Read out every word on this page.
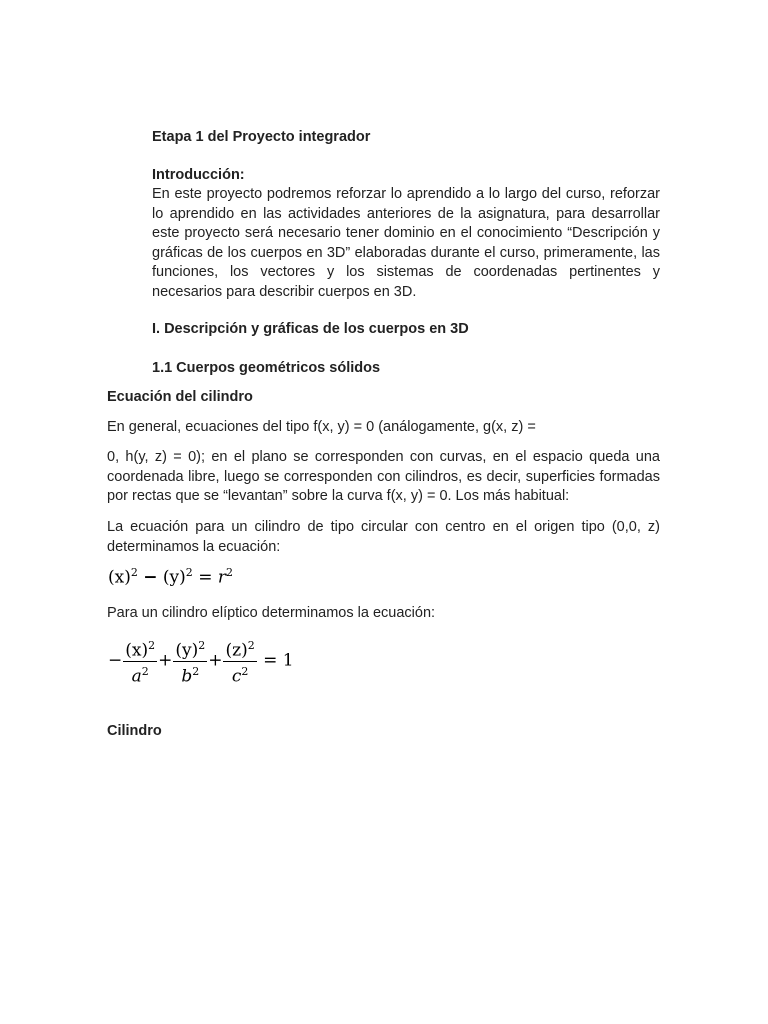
Etapa 1 del Proyecto integrador

Introducción:

En este proyecto podremos reforzar lo aprendido a lo largo del curso, reforzar lo aprendido en las actividades anteriores de la asignatura, para desarrollar este proyecto será necesario tener dominio en el conocimiento “Descripción y gráficas de los cuerpos en 3D” elaboradas durante el curso, primeramente, las funciones, los vectores y los sistemas de coordenadas pertinentes y necesarios para describir cuerpos en 3D.

I. Descripción y gráficas de los cuerpos en 3D

1.1 Cuerpos geométricos sólidos

Ecuación del cilindro

En general, ecuaciones del tipo f(x, y) = 0 (análogamente, g(x, z) =

0, h(y, z) = 0); en el plano se corresponden con curvas, en el espacio queda una coordenada libre, luego se corresponden con cilindros, es decir, superficies formadas por rectas que se “levantan” sobre la curva f(x, y) = 0. Los más habitual:

La ecuación para un cilindro de tipo circular con centro en el origen tipo (0,0, z) determinamos la ecuación:

$(x)^2 - (y)^2 = r^2$

Para un cilindro elíptico determinamos la ecuación:

− $\frac{(x)^2}{a^2} + \frac{(y)^2}{b^2} + \frac{(z)^2}{c^2} = 1$

Cilindro
